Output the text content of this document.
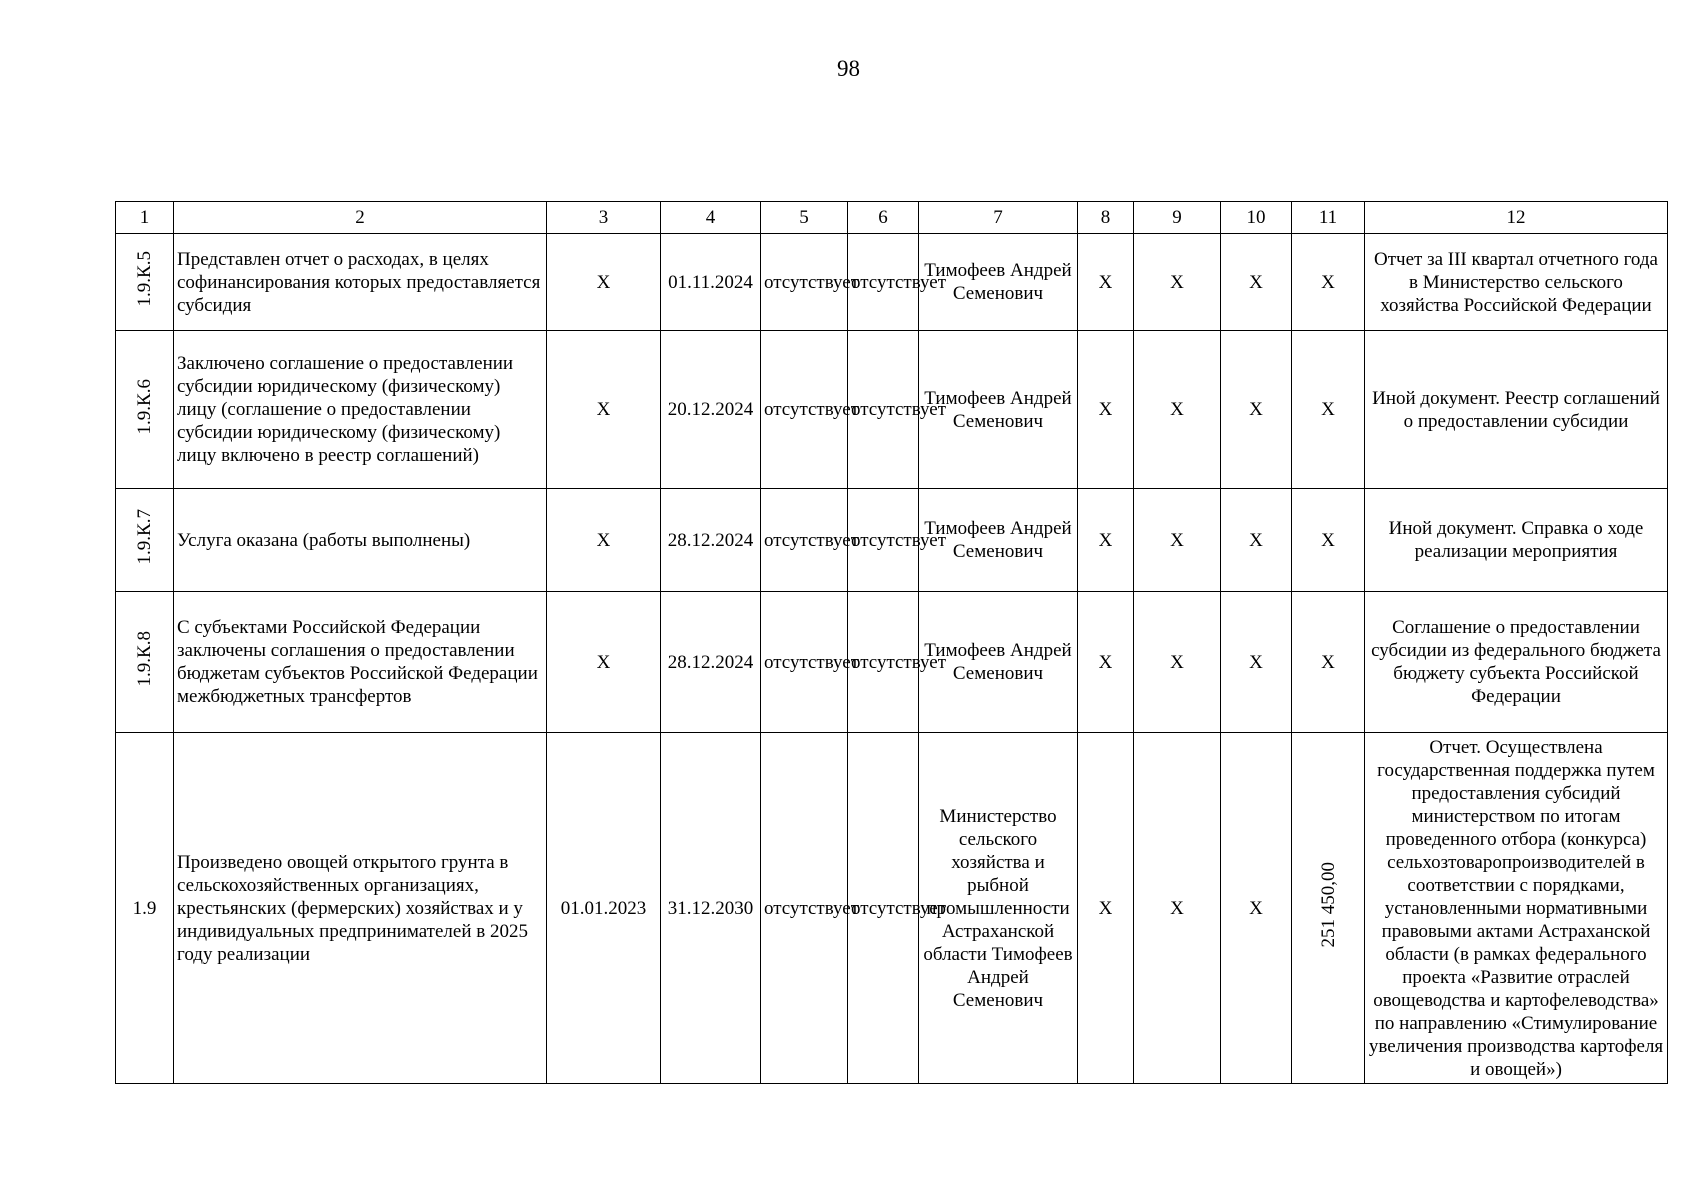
98
1	2	3	4	5	6	7	8	9	10	11	12
1.9.К.5	Представлен отчет о расходах, в целях софинансирования которых предоставляется субсидия	X	01.11.2024	отсутствует	отсутствует	Тимофеев Андрей Семенович	X	X	X	X	Отчет за III квартал отчетного года в Министерство сельского хозяйства Российской Федерации
1.9.К.6	Заключено соглашение о предоставлении субсидии юридическому (физическому) лицу (соглашение о предоставлении субсидии юридическому (физическому) лицу включено в реестр соглашений)	X	20.12.2024	отсутствует	отсутствует	Тимофеев Андрей Семенович	X	X	X	X	Иной документ. Реестр соглашений о предоставлении субсидии
1.9.К.7	Услуга оказана (работы выполнены)	X	28.12.2024	отсутствует	отсутствует	Тимофеев Андрей Семенович	X	X	X	X	Иной документ. Справка о ходе реализации мероприятия
1.9.К.8	С субъектами Российской Федерации заключены соглашения о предоставлении бюджетам субъектов Российской Федерации межбюджетных трансфертов	X	28.12.2024	отсутствует	отсутствует	Тимофеев Андрей Семенович	X	X	X	X	Соглашение о предоставлении субсидии из федерального бюджета бюджету субъекта Российской Федерации
1.9	Произведено овощей открытого грунта в сельскохозяйственных организациях, крестьянских (фермерских) хозяйствах и у индивидуальных предпринимателей в 2025 году реализации	01.01.2023	31.12.2030	отсутствует	отсутствует	Министерство сельского хозяйства и рыбной промышленности Астраханской области Тимофеев Андрей Семенович	X	X	X	251 450,00	Отчет. Осуществлена государственная поддержка путем предоставления субсидий министерством по итогам проведенного отбора (конкурса) сельхозтоваропроизводителей в соответствии с порядками, установленными нормативными правовыми актами Астраханской области (в рамках федерального проекта «Развитие отраслей овощеводства и картофелеводства» по направлению «Стимулирование увеличения производства картофеля и овощей»)
